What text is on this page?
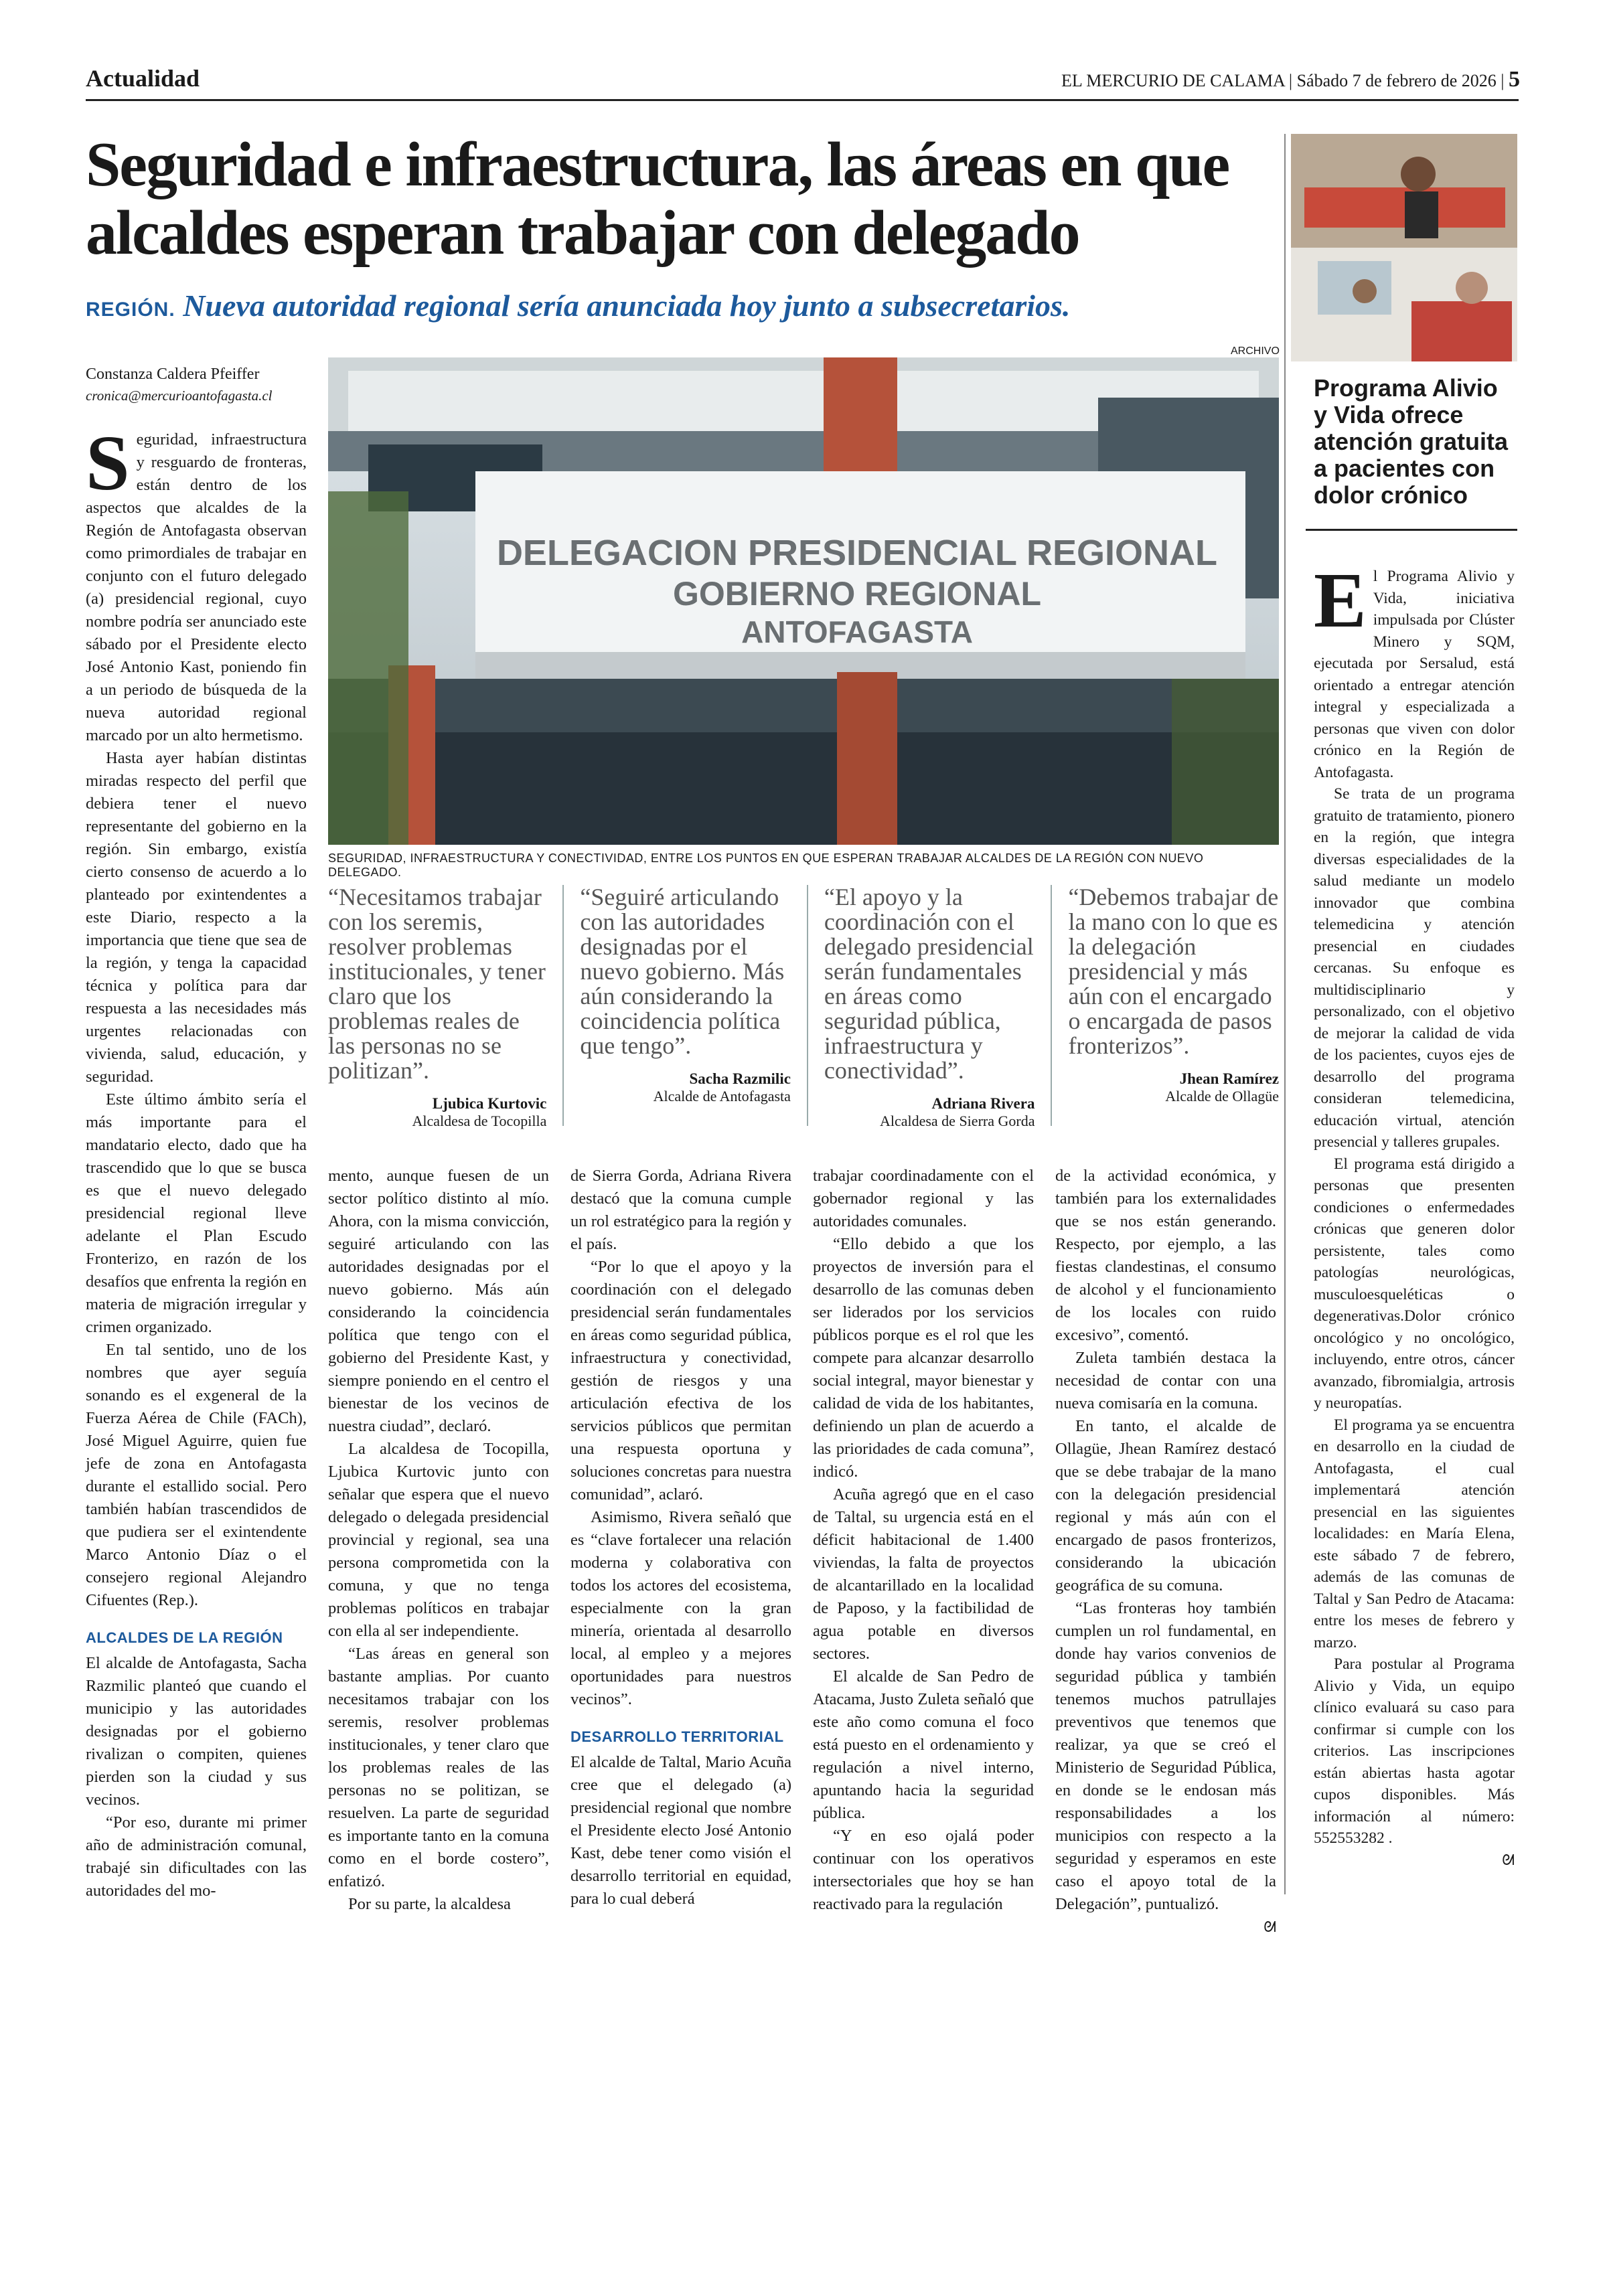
Actualidad	EL MERCURIO DE CALAMA | Sábado 7 de febrero de 2026 | 5
Seguridad e infraestructura, las áreas en que alcaldes esperan trabajar con delegado
REGIÓN. Nueva autoridad regional sería anunciada hoy junto a subsecretarios.
Constanza Caldera Pfeiffer
cronica@mercurioantofagasta.cl
ARCHIVO
DELEGACION PRESIDENCIAL REGIONAL
GOBIERNO REGIONAL
ANTOFAGASTA
SEGURIDAD, INFRAESTRUCTURA Y CONECTIVIDAD, ENTRE LOS PUNTOS EN QUE ESPERAN TRABAJAR ALCALDES DE LA REGIÓN CON NUEVO DELEGADO.

Seguridad, infraestructura y resguardo de fronteras, están dentro de los aspectos que alcaldes de la Región de Antofagasta observan como primordiales de trabajar en conjunto con el futuro delegado (a) presidencial regional, cuyo nombre podría ser anunciado este sábado por el Presidente electo José Antonio Kast, poniendo fin a un periodo de búsqueda de la nueva autoridad regional marcado por un alto hermetismo.

Hasta ayer habían distintas miradas respecto del perfil que debiera tener el nuevo representante del gobierno en la región. Sin embargo, existía cierto consenso de acuerdo a lo planteado por exintendentes a este Diario, respecto a la importancia que tiene que sea de la región, y tenga la capacidad técnica y política para dar respuesta a las necesidades más urgentes relacionadas con vivienda, salud, educación, y seguridad.

Este último ámbito sería el más importante para el mandatario electo, dado que ha trascendido que lo que se busca es que el nuevo delegado presidencial regional lleve adelante el Plan Escudo Fronterizo, en razón de los desafíos que enfrenta la región en materia de migración irregular y crimen organizado.

En tal sentido, uno de los nombres que ayer seguía sonando es el exgeneral de la Fuerza Aérea de Chile (FACh), José Miguel Aguirre, quien fue jefe de zona en Antofagasta durante el estallido social. Pero también habían trascendidos de que pudiera ser el exintendente Marco Antonio Díaz o el consejero regional Alejandro Cifuentes (Rep.).

ALCALDES DE LA REGIÓN

El alcalde de Antofagasta, Sacha Razmilic planteó que cuando el municipio y las autoridades designadas por el gobierno rivalizan o compiten, quienes pierden son la ciudad y sus vecinos.

“Por eso, durante mi primer año de administración comunal, trabajé sin dificultades con las autoridades del mo-

“Necesitamos trabajar con los seremis, resolver problemas institucionales, y tener claro que los problemas reales de las personas no se politizan”.
Ljubica Kurtovic
Alcaldesa de Tocopilla
“Seguiré articulando con las autoridades designadas por el nuevo gobierno. Más aún considerando la coincidencia política que tengo”.
Sacha Razmilic
Alcalde de Antofagasta
“El apoyo y la coordinación con el delegado presidencial serán fundamentales en áreas como seguridad pública, infraestructura y conectividad”.
Adriana Rivera
Alcaldesa de Sierra Gorda
“Debemos trabajar de la mano con lo que es la delegación presidencial y más aún con el encargado o encargada de pasos fronterizos”.
Jhean Ramírez
Alcalde de Ollagüe

mento, aunque fuesen de un sector político distinto al mío. Ahora, con la misma convicción, seguiré articulando con las autoridades designadas por el nuevo gobierno. Más aún considerando la coincidencia política que tengo con el gobierno del Presidente Kast, y siempre poniendo en el centro el bienestar de los vecinos de nuestra ciudad”, declaró.

La alcaldesa de Tocopilla, Ljubica Kurtovic junto con señalar que espera que el nuevo delegado o delegada presidencial provincial y regional, sea una persona comprometida con la comuna, y que no tenga problemas políticos en trabajar con ella al ser independiente.

“Las áreas en general son bastante amplias. Por cuanto necesitamos trabajar con los seremis, resolver problemas institucionales, y tener claro que los problemas reales de las personas no se politizan, se resuelven. La parte de seguridad es importante tanto en la comuna como en el borde costero”, enfatizó.

Por su parte, la alcaldesa

de Sierra Gorda, Adriana Rivera destacó que la comuna cumple un rol estratégico para la región y el país.

“Por lo que el apoyo y la coordinación con el delegado presidencial serán fundamentales en áreas como seguridad pública, infraestructura y conectividad, gestión de riesgos y una articulación efectiva de los servicios públicos que permitan una respuesta oportuna y soluciones concretas para nuestra comunidad”, aclaró.

Asimismo, Rivera señaló que es “clave fortalecer una relación moderna y colaborativa con todos los actores del ecosistema, especialmente con la gran minería, orientada al desarrollo local, al empleo y a mejores oportunidades para nuestros vecinos”.

DESARROLLO TERRITORIAL

El alcalde de Taltal, Mario Acuña cree que el delegado (a) presidencial regional que nombre el Presidente electo José Antonio Kast, debe tener como visión el desarrollo territorial en equidad, para lo cual deberá

trabajar coordinadamente con el gobernador regional y las autoridades comunales.

“Ello debido a que los proyectos de inversión para el desarrollo de las comunas deben ser liderados por los servicios públicos porque es el rol que les compete para alcanzar desarrollo social integral, mayor bienestar y calidad de vida de los habitantes, definiendo un plan de acuerdo a las prioridades de cada comuna”, indicó.

Acuña agregó que en el caso de Taltal, su urgencia está en el déficit habitacional de 1.400 viviendas, la falta de proyectos de alcantarillado en la localidad de Paposo, y la factibilidad de agua potable en diversos sectores.

El alcalde de San Pedro de Atacama, Justo Zuleta señaló que este año como comuna el foco está puesto en el ordenamiento y regulación a nivel interno, apuntando hacia la seguridad pública.

“Y en eso ojalá poder continuar con los operativos intersectoriales que hoy se han reactivado para la regulación

de la actividad económica, y también para los externalidades que se nos están generando. Respecto, por ejemplo, a las fiestas clandestinas, el consumo de alcohol y el funcionamiento de los locales con ruido excesivo”, comentó.

Zuleta también destaca la necesidad de contar con una nueva comisaría en la comuna.

En tanto, el alcalde de Ollagüe, Jhean Ramírez destacó que se debe trabajar de la mano con la delegación presidencial regional y más aún con el encargado de pasos fronterizos, considerando la ubicación geográfica de su comuna.

“Las fronteras hoy también cumplen un rol fundamental, en donde hay varios convenios de seguridad pública y también tenemos muchos patrullajes preventivos que tenemos que realizar, ya que se creó el Ministerio de Seguridad Pública, en donde se le endosan más responsabilidades a los municipios con respecto a la seguridad y esperamos en este caso el apoyo total de la Delegación”, puntualizó.

ᘛ
Programa Alivio y Vida ofrece atención gratuita a pacientes con dolor crónico

El Programa Alivio y Vida, iniciativa impulsada por Clúster Minero y SQM, ejecutada por Sersalud, está orientado a entregar atención integral y especializada a personas que viven con dolor crónico en la Región de Antofagasta.

Se trata de un programa gratuito de tratamiento, pionero en la región, que integra diversas especialidades de la salud mediante un modelo innovador que combina telemedicina y atención presencial en ciudades cercanas. Su enfoque es multidisciplinario y personalizado, con el objetivo de mejorar la calidad de vida de los pacientes, cuyos ejes de desarrollo del programa consideran telemedicina, educación virtual, atención presencial y talleres grupales.

El programa está dirigido a personas que presenten condiciones o enfermedades crónicas que generen dolor persistente, tales como patologías neurológicas, musculoesqueléticas o degenerativas.Dolor crónico oncológico y no oncológico, incluyendo, entre otros, cáncer avanzado, fibromialgia, artrosis y neuropatías.

El programa ya se encuentra en desarrollo en la ciudad de Antofagasta, el cual implementará atención presencial en las siguientes localidades: en María Elena, este sábado 7 de febrero, además de las comunas de Taltal y San Pedro de Atacama: entre los meses de febrero y marzo.

Para postular al Programa Alivio y Vida, un equipo clínico evaluará su caso para confirmar si cumple con los criterios. Las inscripciones están abiertas hasta agotar cupos disponibles. Más información al número: 552553282 .

ᘛ
